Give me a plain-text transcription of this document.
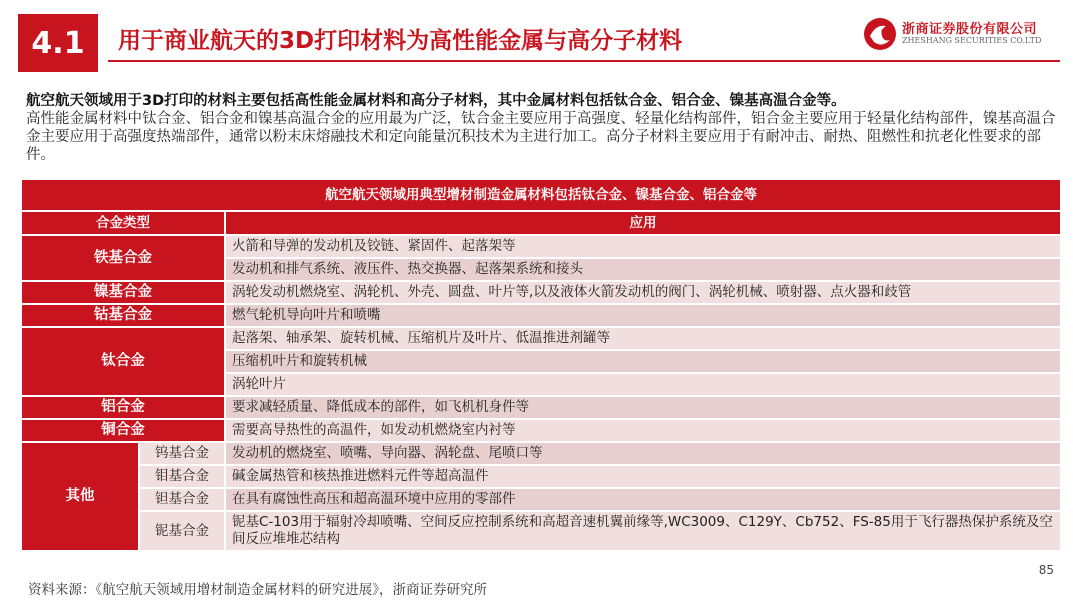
4.1	用于商业航天的3D打印材料为高性能金属与高分子材料	浙商证券股份有限公司
ZHESHANG SECURITIES CO.LTD
航空航天领域用于3D打印的材料主要包括高性能金属材料和高分子材料，其中金属材料包括钛合金、铝合金、镍基高温合金等。
高性能金属材料中钛合金、铝合金和镍基高温合金的应用最为广泛，钛合金主要应用于高强度、轻量化结构部件，铝合金主要应用于轻量化结构部件，镍基高温合金主要应用于高强度热端部件，通常以粉末床熔融技术和定向能量沉积技术为主进行加工。高分子材料主要应用于有耐冲击、耐热、阻燃性和抗老化性要求的部件。
航空航天领域用典型增材制造金属材料包括钛合金、镍基合金、铝合金等		
合金类型		应用
铁基合金		火箭和导弹的发动机及铰链、紧固件、起落架等
		发动机和排气系统、液压件、热交换器、起落架系统和接头
镍基合金		涡轮发动机燃烧室、涡轮机、外壳、圆盘、叶片等,以及液体火箭发动机的阀门、涡轮机械、喷射器、点火器和歧管
钴基合金		燃气轮机导向叶片和喷嘴
钛合金		起落架、轴承架、旋转机械、压缩机片及叶片、低温推进剂罐等
		压缩机叶片和旋转机械
		涡轮叶片
铝合金		要求减轻质量、降低成本的部件，如飞机机身件等
铜合金		需要高导热性的高温件，如发动机燃烧室内衬等
其他	钨基合金	发动机的燃烧室、喷嘴、导向器、涡轮盘、尾喷口等
	钼基合金	碱金属热管和核热推进燃料元件等超高温件
	钽基合金	在具有腐蚀性高压和超高温环境中应用的零部件
	铌基合金	铌基C-103用于辐射冷却喷嘴、空间反应控制系统和高超音速机翼前缘等,WC3009、C129Y、Cb752、FS-85用于飞行器热保护系统及空间反应堆堆芯结构
85
资料来源：《航空航天领域用增材制造金属材料的研究进展》，浙商证券研究所
